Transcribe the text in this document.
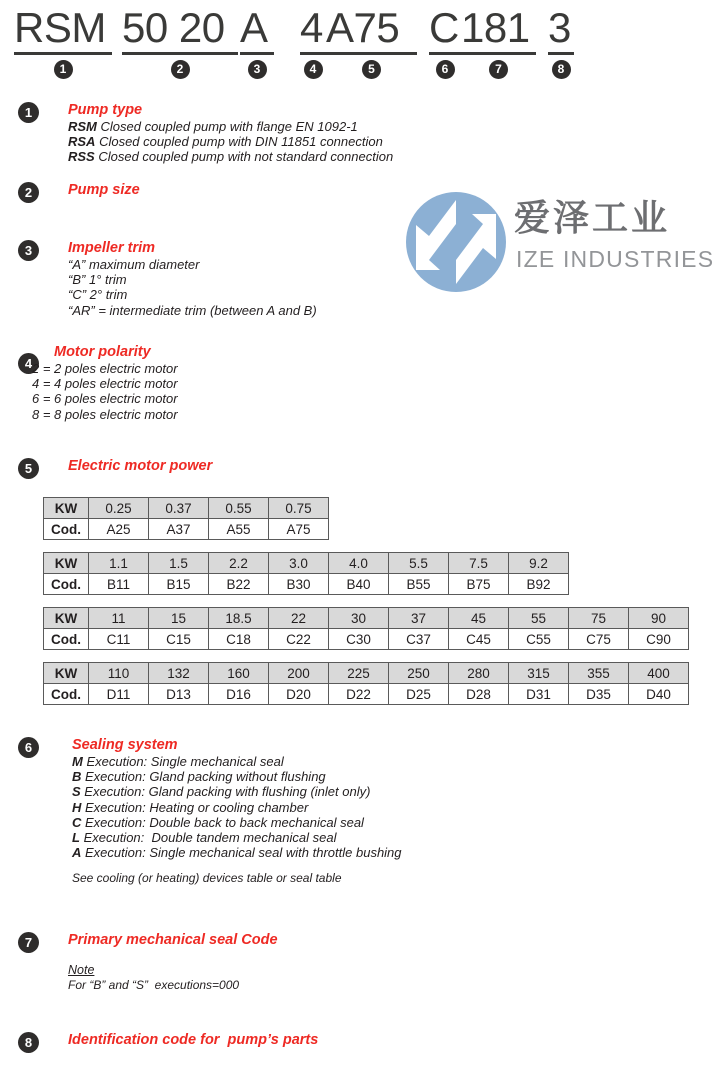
RSM
1
50 20
2
A
3
4
4
A75
5
C
6
181
7
3
8
爱泽工业
IZE INDUSTRIES
1	Pump type
RSM Closed coupled pump with flange EN 1092-1
RSA Closed coupled pump with DIN 11851 connection
RSS Closed coupled pump with not standard connection
2	Pump size
3	Impeller trim
“A” maximum diameter
“B” 1° trim
“C” 2° trim
“AR” = intermediate trim (between A and B)
4
Motor polarity
2 = 2 poles electric motor
4 = 4 poles electric motor
6 = 6 poles electric motor
8 = 8 poles electric motor
5	Electric motor power
6	Sealing system
M Execution: Single mechanical seal
B Execution: Gland packing without flushing
S Execution: Gland packing with flushing (inlet only)
H Execution: Heating or cooling chamber
C Execution: Double back to back mechanical seal
L Execution:  Double tandem mechanical seal
A Execution: Single mechanical seal with throttle bushing
See cooling (or heating) devices table or seal table
7	Primary mechanical seal Code
Note
For “B” and “S”  executions=000
8	Identification code for  pump’s parts
KW	0.25	0.37	0.55	0.75
Cod.	A25	A37	A55	A75
KW	1.1	1.5	2.2	3.0	4.0	5.5	7.5	9.2
Cod.	B11	B15	B22	B30	B40	B55	B75	B92
KW	11	15	18.5	22	30	37	45	55	75	90
Cod.	C11	C15	C18	C22	C30	C37	C45	C55	C75	C90
KW	110	132	160	200	225	250	280	315	355	400
Cod.	D11	D13	D16	D20	D22	D25	D28	D31	D35	D40
